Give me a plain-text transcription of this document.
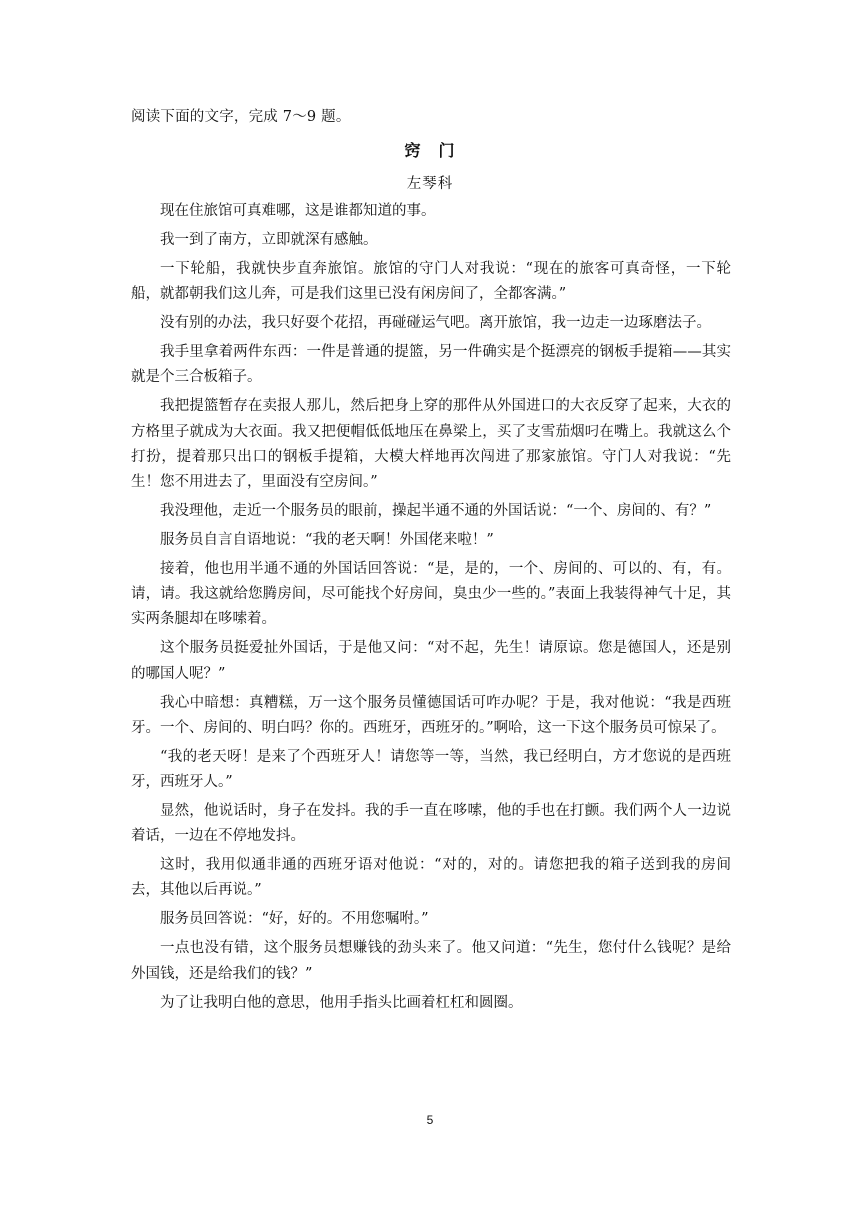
阅读下面的文字，完成 7～9 题。
窍　门
左琴科

现在住旅馆可真难哪，这是谁都知道的事。

我一到了南方，立即就深有感触。

一下轮船，我就快步直奔旅馆。旅馆的守门人对我说：“现在的旅客可真奇怪，一下轮船，就都朝我们这儿奔，可是我们这里已没有闲房间了，全都客满。”

没有别的办法，我只好耍个花招，再碰碰运气吧。离开旅馆，我一边走一边琢磨法子。

我手里拿着两件东西：一件是普通的提篮，另一件确实是个挺漂亮的钢板手提箱——其实就是个三合板箱子。

我把提篮暂存在卖报人那儿，然后把身上穿的那件从外国进口的大衣反穿了起来，大衣的方格里子就成为大衣面。我又把便帽低低地压在鼻梁上，买了支雪茄烟叼在嘴上。我就这么个打扮，提着那只出口的钢板手提箱，大模大样地再次闯进了那家旅馆。守门人对我说：“先生！您不用进去了，里面没有空房间。”

我没理他，走近一个服务员的眼前，操起半通不通的外国话说：“一个、房间的、有？”

服务员自言自语地说：“我的老天啊！外国佬来啦！”

接着，他也用半通不通的外国话回答说：“是，是的，一个、房间的、可以的、有，有。请，请。我这就给您腾房间，尽可能找个好房间，臭虫少一些的。”表面上我装得神气十足，其实两条腿却在哆嗦着。

这个服务员挺爱扯外国话，于是他又问：“对不起，先生！请原谅。您是德国人，还是别的哪国人呢？”

我心中暗想：真糟糕，万一这个服务员懂德国话可咋办呢？于是，我对他说：“我是西班牙。一个、房间的、明白吗？你的。西班牙，西班牙的。”啊哈，这一下这个服务员可惊呆了。

“我的老天呀！是来了个西班牙人！请您等一等，当然，我已经明白，方才您说的是西班牙，西班牙人。”

显然，他说话时，身子在发抖。我的手一直在哆嗦，他的手也在打颤。我们两个人一边说着话，一边在不停地发抖。

这时，我用似通非通的西班牙语对他说：“对的，对的。请您把我的箱子送到我的房间去，其他以后再说。”

服务员回答说：“好，好的。不用您嘱咐。”

一点也没有错，这个服务员想赚钱的劲头来了。他又问道：“先生，您付什么钱呢？是给外国钱，还是给我们的钱？”

为了让我明白他的意思，他用手指头比画着杠杠和圆圈。

5
